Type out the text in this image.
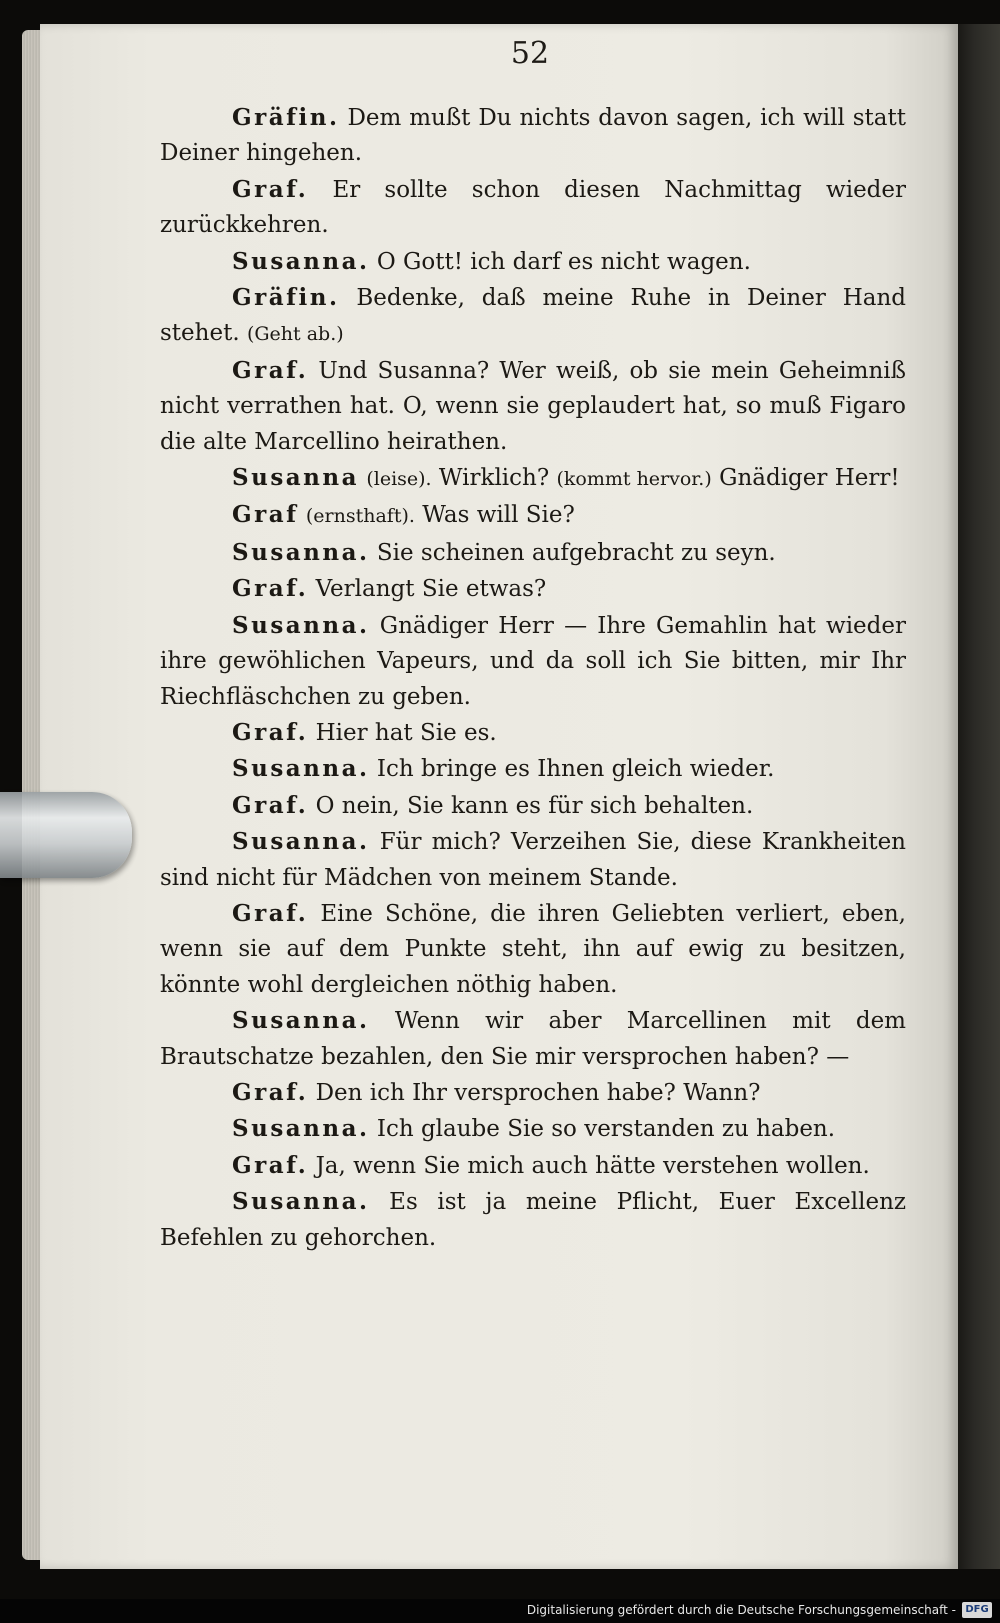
52

Gräfin. Dem mußt Du nichts davon sagen, ich will statt Deiner hingehen.

Graf. Er sollte schon diesen Nachmittag wieder zurückkehren.

Susanna. O Gott! ich darf es nicht wagen.

Gräfin. Bedenke, daß meine Ruhe in Deiner Hand stehet. (Geht ab.)

Graf. Und Susanna? Wer weiß, ob sie mein Geheimniß nicht verrathen hat. O, wenn sie geplaudert hat, so muß Figaro die alte Marcellino heirathen.

Susanna (leise). Wirklich? (kommt hervor.) Gnädiger Herr!

Graf (ernsthaft). Was will Sie?

Susanna. Sie scheinen aufgebracht zu seyn.

Graf. Verlangt Sie etwas?

Susanna. Gnädiger Herr — Ihre Gemahlin hat wieder ihre gewöhlichen Vapeurs, und da soll ich Sie bitten, mir Ihr Riechfläschchen zu geben.

Graf. Hier hat Sie es.

Susanna. Ich bringe es Ihnen gleich wieder.

Graf. O nein, Sie kann es für sich behalten.

Susanna. Für mich? Verzeihen Sie, diese Krankheiten sind nicht für Mädchen von meinem Stande.

Graf. Eine Schöne, die ihren Geliebten verliert, eben, wenn sie auf dem Punkte steht, ihn auf ewig zu besitzen, könnte wohl dergleichen nöthig haben.

Susanna. Wenn wir aber Marcellinen mit dem Brautschatze bezahlen, den Sie mir versprochen haben? —

Graf. Den ich Ihr versprochen habe? Wann?

Susanna. Ich glaube Sie so verstanden zu haben.

Graf. Ja, wenn Sie mich auch hätte verstehen wollen.

Susanna. Es ist ja meine Pflicht, Euer Excellenz Befehlen zu gehorchen.

Digitalisierung gefördert durch die Deutsche Forschungsgemeinschaft - DFG
